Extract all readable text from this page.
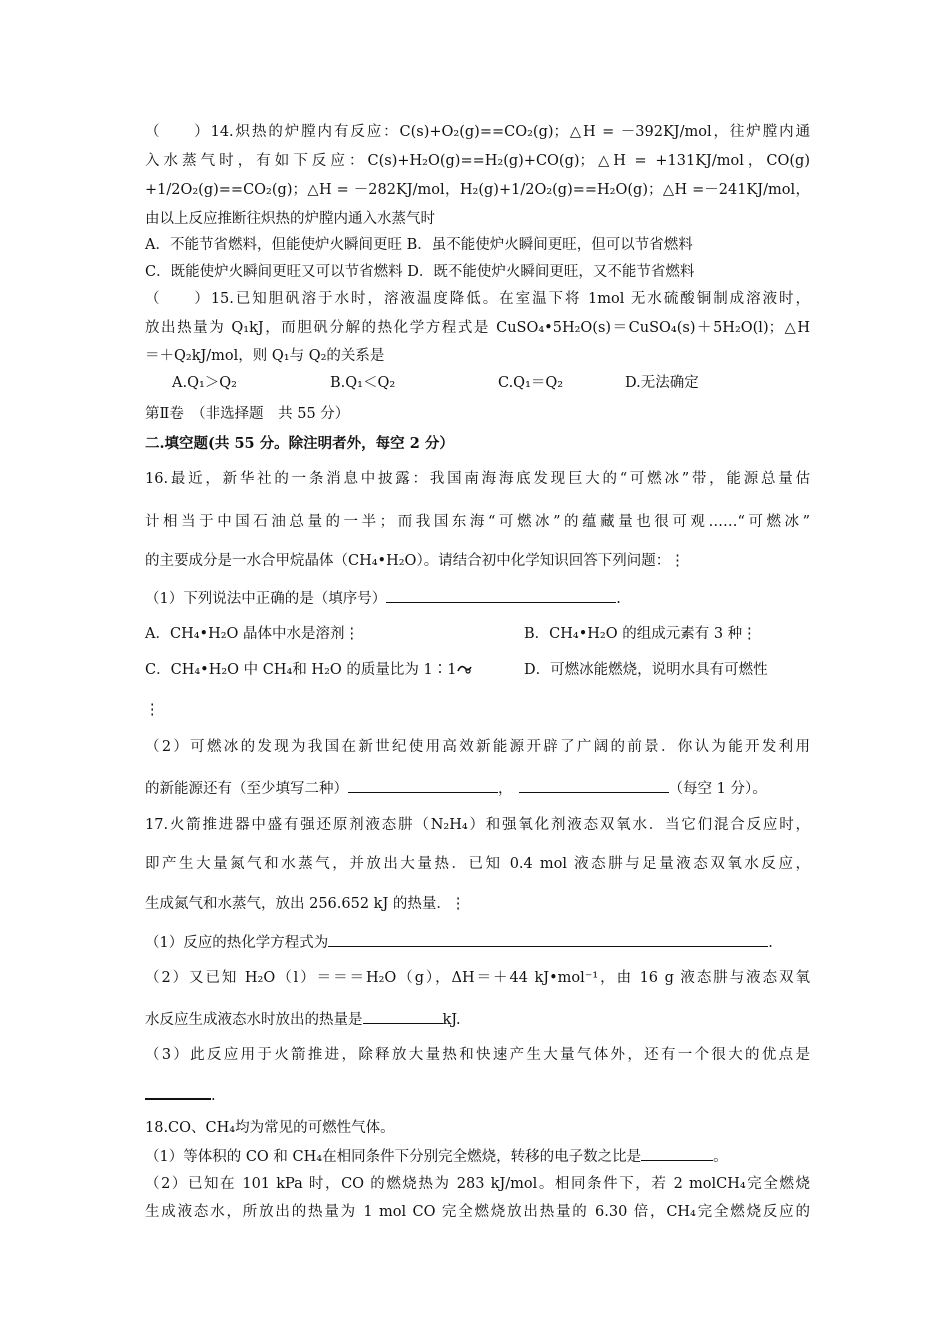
（　　）14.炽热的炉膛内有反应：C(s)+O₂(g)==CO₂(g)；△H = －392KJ/mol，往炉膛内通
入水蒸气时，有如下反应：C(s)+H₂O(g)==H₂(g)+CO(g)；△H = +131KJ/mol，CO(g)
+1/2O₂(g)==CO₂(g)；△H = －282KJ/mol，H₂(g)+1/2O₂(g)==H₂O(g)；△H =－241KJ/mol，
由以上反应推断往炽热的炉膛内通入水蒸气时
A．不能节省燃料，但能使炉火瞬间更旺 B．虽不能使炉火瞬间更旺，但可以节省燃料
C．既能使炉火瞬间更旺又可以节省燃料 D．既不能使炉火瞬间更旺，又不能节省燃料
（　　）15.已知胆矾溶于水时，溶液温度降低。在室温下将 1mol 无水硫酸铜制成溶液时，
放出热量为 Q₁kJ，而胆矾分解的热化学方程式是 CuSO₄•5H₂O(s)＝CuSO₄(s)＋5H₂O(l)；△H
＝＋Q₂kJ/mol，则 Q₁与 Q₂的关系是
A.Q₁＞Q₂	B.Q₁＜Q₂	C.Q₁＝Q₂	D.无法确定
第Ⅱ卷　（非选择题　共 55 分）
二.填空题(共 55 分。除注明者外，每空 2 分）
16.最近，新华社的一条消息中披露：我国南海海底发现巨大的“可燃冰”带，能源总量估
计相当于中国石油总量的一半；而我国东海“可燃冰”的蕴藏量也很可观……“可燃冰”
的主要成分是一水合甲烷晶体（CH₄•H₂O）。请结合初中化学知识回答下列问题：⋮
（1）下列说法中正确的是（填序号）	.
A．CH₄•H₂O 晶体中水是溶剂⋮	B．CH₄•H₂O 的组成元素有 3 种⋮
C．CH₄•H₂O 中 CH₄和 H₂O 的质量比为 1∶1	D．可燃冰能燃烧，说明水具有可燃性
⋮
（2）可燃冰的发现为我国在新世纪使用高效新能源开辟了广阔的前景．你认为能开发利用
的新能源还有（至少填写二种）	，	（每空 1 分）。
17.火箭推进器中盛有强还原剂液态肼（N₂H₄）和强氧化剂液态双氧水．当它们混合反应时，
即产生大量氮气和水蒸气，并放出大量热．已知 0.4 mol 液态肼与足量液态双氧水反应，
生成氮气和水蒸气，放出 256.652 kJ 的热量．⋮
（1）反应的热化学方程式为	.
（2）又已知 H₂O（l）＝＝＝H₂O（g），ΔH＝＋44 kJ•mol⁻¹，由 16 g 液态肼与液态双氧
水反应生成液态水时放出的热量是	kJ.
（3）此反应用于火箭推进，除释放大量热和快速产生大量气体外，还有一个很大的优点是
.
18.CO、CH₄均为常见的可燃性气体。
（1）等体积的 CO 和 CH₄在相同条件下分别完全燃烧，转移的电子数之比是	。
（2）已知在 101 kPa 时，CO 的燃烧热为 283 kJ/mol。相同条件下，若 2 molCH₄完全燃烧
生成液态水，所放出的热量为 1 mol CO 完全燃烧放出热量的 6.30 倍，CH₄完全燃烧反应的
